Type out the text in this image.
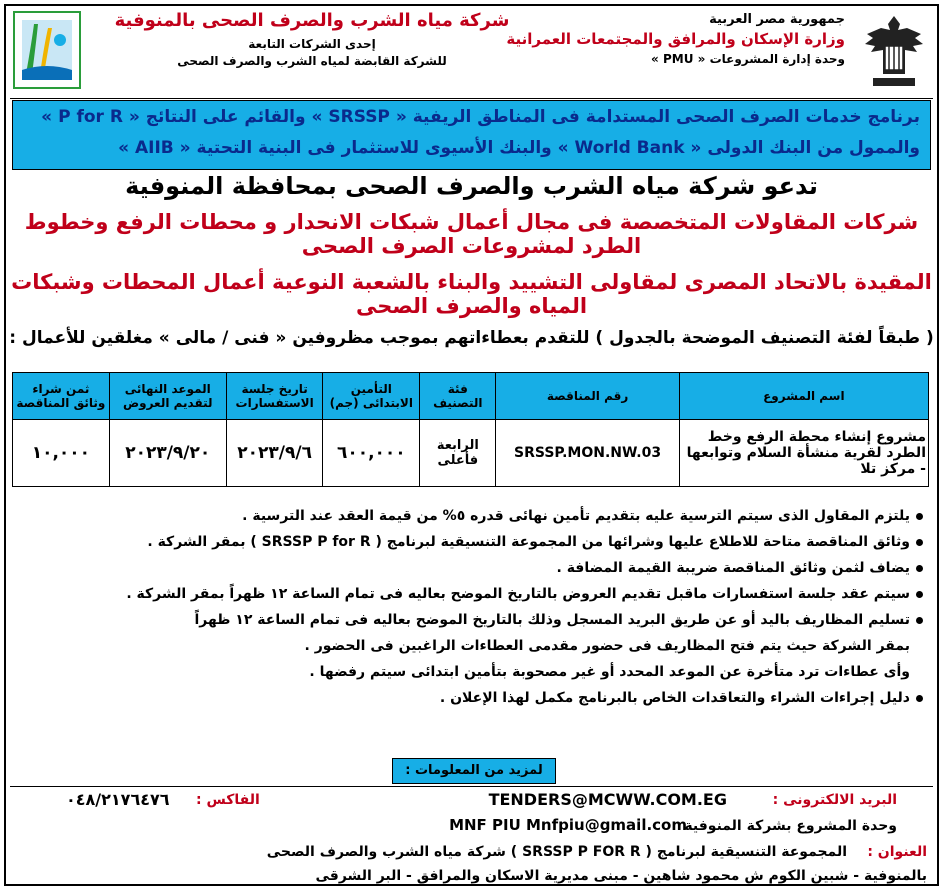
جمهورية مصر العربية
وزارة الإسكان والمرافق والمجتمعات العمرانية
وحدة إدارة المشروعات « PMU »
شركة مياه الشرب والصرف الصحى بالمنوفية
إحدى الشركات التابعة
للشركة القابضة لمياه الشرب والصرف الصحى
برنامج خدمات الصرف الصحى المستدامة فى المناطق الريفية « SRSSP » والقائم على النتائج « P for R »
والممول من البنك الدولى « World Bank » والبنك الأسيوى للاستثمار فى البنية التحتية « AIIB »
تدعو شركة مياه الشرب والصرف الصحى بمحافظة المنوفية
شركات المقاولات المتخصصة فى مجال أعمال شبكات الانحدار و محطات الرفع وخطوط الطرد لمشروعات الصرف الصحى
المقيدة بالاتحاد المصرى لمقاولى التشييد والبناء بالشعبة النوعية أعمال المحطات وشبكات المياه والصرف الصحى
( طبقاً لفئة التصنيف الموضحة بالجدول ) للتقدم بعطاءاتهم بموجب مظروفين « فنى / مالى » مغلقين للأعمال :
اسم المشروع	رقم المناقصة	فئة التصنيف	التأمين الابتدائى (جم)	تاريخ جلسة الاستفسارات	الموعد النهائى لتقديم العروض	ثمن شراء وثائق المناقصة
مشروع إنشاء محطة الرفع وخط الطرد لقرية منشأة السلام وتوابعها - مركز تلا	SRSSP.MON.NW.03	الرابعة فأعلى	٦٠٠,٠٠٠	٢٠٢٣/٩/٦	٢٠٢٣/٩/٢٠	١٠,٠٠٠
يلتزم المقاول الذى سيتم الترسية عليه بتقديم تأمين نهائى قدره ٥% من قيمة العقد عند الترسية .
وثائق المناقصة متاحة للاطلاع عليها وشرائها من المجموعة التنسيقية لبرنامج ( SRSSP P for R ) بمقر الشركة .
يضاف لثمن وثائق المناقصة ضريبة القيمة المضافة .
سيتم عقد جلسة استفسارات ماقبل تقديم العروض بالتاريخ الموضح بعاليه فى تمام الساعة ١٢ ظهراً بمقر الشركة .
تسليم المظاريف باليد أو عن طريق البريد المسجل وذلك بالتاريخ الموضح بعاليه فى تمام الساعة ١٢ ظهراً
بمقر الشركة حيث يتم فتح المظاريف فى حضور مقدمى العطاءات الراغبين فى الحضور .
وأى عطاءات ترد متأخرة عن الموعد المحدد أو غير مصحوبة بتأمين ابتدائى سيتم رفضها .
دليل إجراءات الشراء والتعاقدات الخاص بالبرنامج مكمل لهذا الإعلان .
لمزيد من المعلومات :
البريد الالكترونى :
TENDERS@MCWW.COM.EG
الفاكس :
٠٤٨/٢١٧٦٤٧٦
وحدة المشروع بشركة المنوفية
MNF PIU Mnfpiu@gmail.com
العنوان :
المجموعة التنسيقية لبرنامج ( SRSSP P FOR R ) شركة مياه الشرب والصرف الصحى
بالمنوفية - شبين الكوم ش محمود شاهين - مبنى مديرية الاسكان والمرافق - البر الشرقى
